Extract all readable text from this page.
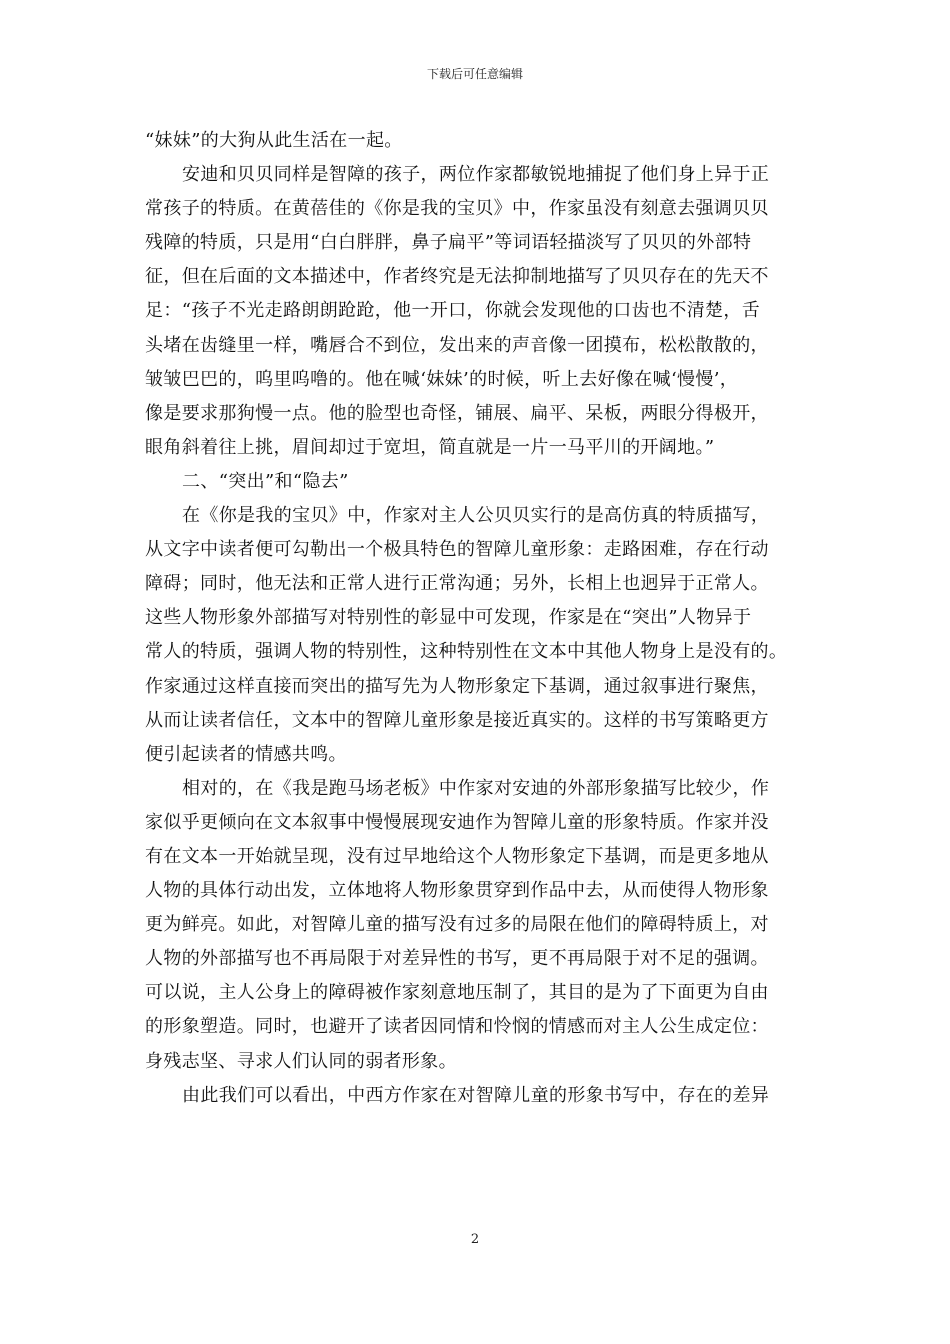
下载后可任意编辑
“妹妹”的大狗从此生活在一起。
安迪和贝贝同样是智障的孩子，两位作家都敏锐地捕捉了他们身上异于正
常孩子的特质。在黄蓓佳的《你是我的宝贝》中，作家虽没有刻意去强调贝贝
残障的特质，只是用“白白胖胖，鼻子扁平”等词语轻描淡写了贝贝的外部特
征，但在后面的文本描述中，作者终究是无法抑制地描写了贝贝存在的先天不
足：“孩子不光走路朗朗跄跄，他一开口，你就会发现他的口齿也不清楚，舌
头堵在齿缝里一样，嘴唇合不到位，发出来的声音像一团摸布，松松散散的，
皱皱巴巴的，呜里呜噜的。他在喊‘妹妹’的时候，听上去好像在喊‘慢慢’，
像是要求那狗慢一点。他的脸型也奇怪，铺展、扁平、呆板，两眼分得极开，
眼角斜着往上挑，眉间却过于宽坦，简直就是一片一马平川的开阔地。”
二、“突出”和“隐去”
在《你是我的宝贝》中，作家对主人公贝贝实行的是高仿真的特质描写，
从文字中读者便可勾勒出一个极具特色的智障儿童形象：走路困难，存在行动
障碍；同时，他无法和正常人进行正常沟通；另外，长相上也迥异于正常人。
这些人物形象外部描写对特别性的彰显中可发现，作家是在“突出”人物异于
常人的特质，强调人物的特别性，这种特别性在文本中其他人物身上是没有的。
作家通过这样直接而突出的描写先为人物形象定下基调，通过叙事进行聚焦，
从而让读者信任，文本中的智障儿童形象是接近真实的。这样的书写策略更方
便引起读者的情感共鸣。
相对的，在《我是跑马场老板》中作家对安迪的外部形象描写比较少，作
家似乎更倾向在文本叙事中慢慢展现安迪作为智障儿童的形象特质。作家并没
有在文本一开始就呈现，没有过早地给这个人物形象定下基调，而是更多地从
人物的具体行动出发，立体地将人物形象贯穿到作品中去，从而使得人物形象
更为鲜亮。如此，对智障儿童的描写没有过多的局限在他们的障碍特质上，对
人物的外部描写也不再局限于对差异性的书写，更不再局限于对不足的强调。
可以说，主人公身上的障碍被作家刻意地压制了，其目的是为了下面更为自由
的形象塑造。同时，也避开了读者因同情和怜悯的情感而对主人公生成定位：
身残志坚、寻求人们认同的弱者形象。
由此我们可以看出，中西方作家在对智障儿童的形象书写中，存在的差异
2
